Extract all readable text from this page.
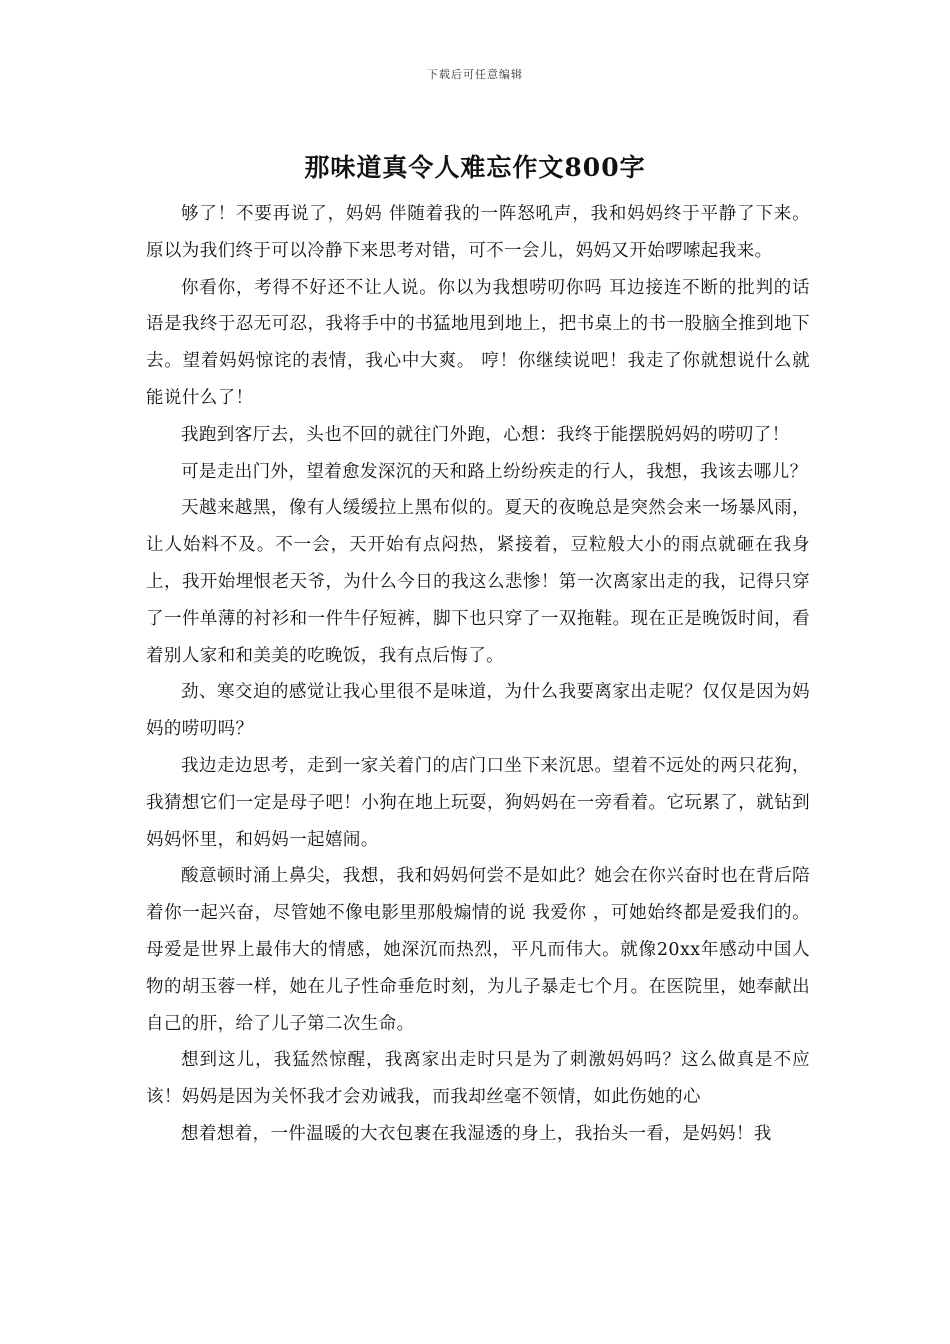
下载后可任意编辑
那味道真令人难忘作文800字

够了！不要再说了，妈妈 伴随着我的一阵怒吼声，我和妈妈终于平静了下来。原以为我们终于可以冷静下来思考对错，可不一会儿，妈妈又开始啰嗦起我来。

你看你，考得不好还不让人说。你以为我想唠叨你吗 耳边接连不断的批判的话语是我终于忍无可忍，我将手中的书猛地甩到地上，把书桌上的书一股脑全推到地下去。望着妈妈惊诧的表情，我心中大爽。 哼！你继续说吧！我走了你就想说什么就能说什么了！

我跑到客厅去，头也不回的就往门外跑，心想：我终于能摆脱妈妈的唠叨了！

可是走出门外，望着愈发深沉的天和路上纷纷疾走的行人，我想，我该去哪儿？

天越来越黑，像有人缓缓拉上黑布似的。夏天的夜晚总是突然会来一场暴风雨，让人始料不及。不一会，天开始有点闷热，紧接着，豆粒般大小的雨点就砸在我身上，我开始埋恨老天爷，为什么今日的我这么悲惨！第一次离家出走的我，记得只穿了一件单薄的衬衫和一件牛仔短裤，脚下也只穿了一双拖鞋。现在正是晚饭时间，看着别人家和和美美的吃晚饭，我有点后悔了。

劲、寒交迫的感觉让我心里很不是味道，为什么我要离家出走呢？仅仅是因为妈妈的唠叨吗？

我边走边思考，走到一家关着门的店门口坐下来沉思。望着不远处的两只花狗，我猜想它们一定是母子吧！小狗在地上玩耍，狗妈妈在一旁看着。它玩累了，就钻到妈妈怀里，和妈妈一起嬉闹。

酸意顿时涌上鼻尖，我想，我和妈妈何尝不是如此？她会在你兴奋时也在背后陪着你一起兴奋，尽管她不像电影里那般煽情的说 我爱你 ，可她始终都是爱我们的。母爱是世界上最伟大的情感，她深沉而热烈，平凡而伟大。就像20xx年感动中国人物的胡玉蓉一样，她在儿子性命垂危时刻，为儿子暴走七个月。在医院里，她奉献出自己的肝，给了儿子第二次生命。

想到这儿，我猛然惊醒，我离家出走时只是为了刺激妈妈吗？这么做真是不应该！妈妈是因为关怀我才会劝诫我，而我却丝毫不领情，如此伤她的心

想着想着，一件温暖的大衣包裹在我湿透的身上，我抬头一看，是妈妈！我
